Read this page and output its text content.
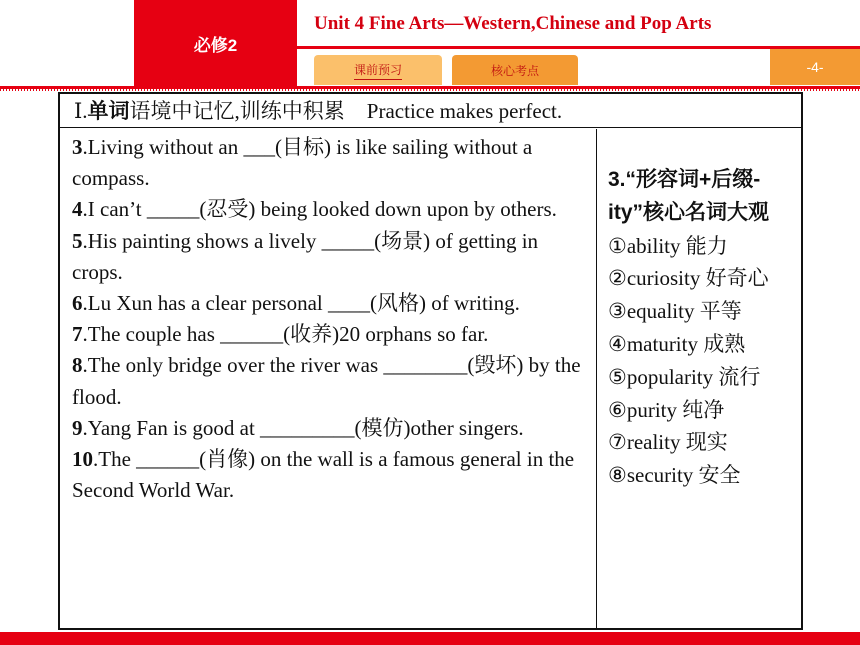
必修2
Unit 4 Fine Arts—Western,Chinese and Pop Arts
课前预习	核心考点	-4-
Ⅰ.单词语境中记忆,训练中积累 Practice makes perfect.

3.Living without an ___(目标) is like sailing without a compass.

4.I can’t _____(忍受) being looked down upon by others.

5.His painting shows a lively _____(场景) of getting in crops.

6.Lu Xun has a clear personal ____(风格) of writing.

7.The couple has ______(收养)20 orphans so far.

8.The only bridge over the river was ________(毁坏) by the flood.

9.Yang Fan is good at _________(模仿)other singers.

10.The ______(肖像) on the wall is a famous general in the Second World War.

3.“形容词+后缀-ity”核心名词大观

①ability 能力

②curiosity 好奇心

③equality 平等

④maturity 成熟

⑤popularity 流行

⑥purity 纯净

⑦reality 现实

⑧security 安全
